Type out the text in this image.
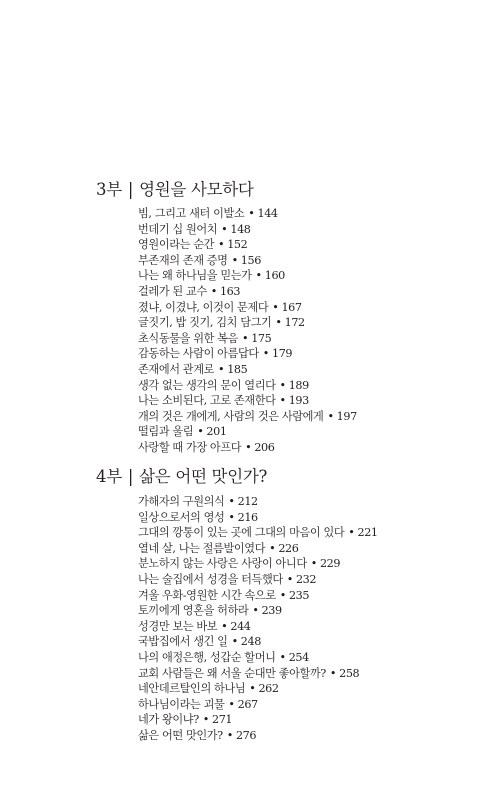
3부 | 영원을 사모하다
빔, 그리고 새터 이발소 • 144
번데기 십 원어치 • 148
영원이라는 순간 • 152
부존재의 존재 증명 • 156
나는 왜 하나님을 믿는가 • 160
걸레가 된 교수 • 163
졌냐, 이겼냐, 이것이 문제다 • 167
글짓기, 밥 짓기, 김치 담그기 • 172
초식동물을 위한 복음 • 175
감동하는 사람이 아름답다 • 179
존재에서 관계로 • 185
생각 없는 생각의 문이 열리다 • 189
나는 소비된다, 고로 존재한다 • 193
개의 것은 개에게, 사람의 것은 사람에게 • 197
떨림과 울림 • 201
사랑할 때 가장 아프다 • 206
4부 | 삶은 어떤 맛인가?
가해자의 구원의식 • 212
일상으로서의 영성 • 216
그대의 깡통이 있는 곳에 그대의 마음이 있다 • 221
열네 살, 나는 절름발이였다 • 226
분노하지 않는 사랑은 사랑이 아니다 • 229
나는 술집에서 성경을 터득했다 • 232
겨울 우화-영원한 시간 속으로 • 235
토끼에게 영혼을 허하라 • 239
성경만 보는 바보 • 244
국밥집에서 생긴 일 • 248
나의 애정은행, 성갑순 할머니 • 254
교회 사람들은 왜 서울 순대만 좋아할까? • 258
네안데르탈인의 하나님 • 262
하나님이라는 괴물 • 267
네가 왕이냐? • 271
삶은 어떤 맛인가? • 276
